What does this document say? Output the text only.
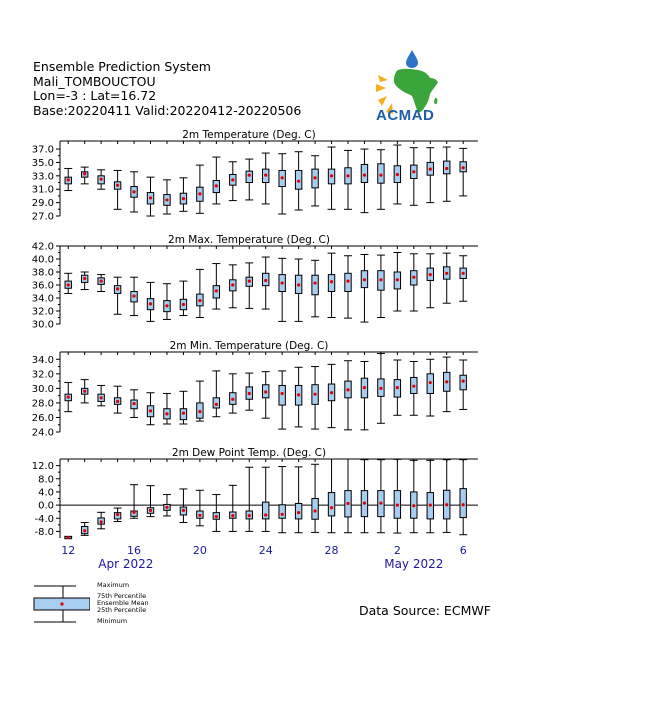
Ensemble Prediction System
Mali_TOMBOUCTOU
Lon=-3 : Lat=16.72
Base:20220411 Valid:20220412-20220506	ACMAD
2m Temperature (Deg. C)
27.0
29.0
31.0
33.0
35.0
37.0
2m Max. Temperature (Deg. C)
30.0
32.0
34.0
36.0
38.0
40.0
42.0
2m Min. Temperature (Deg. C)
24.0
26.0
28.0
30.0
32.0
34.0
2m Dew Point Temp. (Deg. C)
-8.0
-4.0
0.0
4.0
8.0
12.0
12	16	20	24	28	2	6
Apr 2022	May 2022
Maximum
75th Percentile
Ensemble Mean
25th Percentile
Minimum
Data Source: ECMWF
